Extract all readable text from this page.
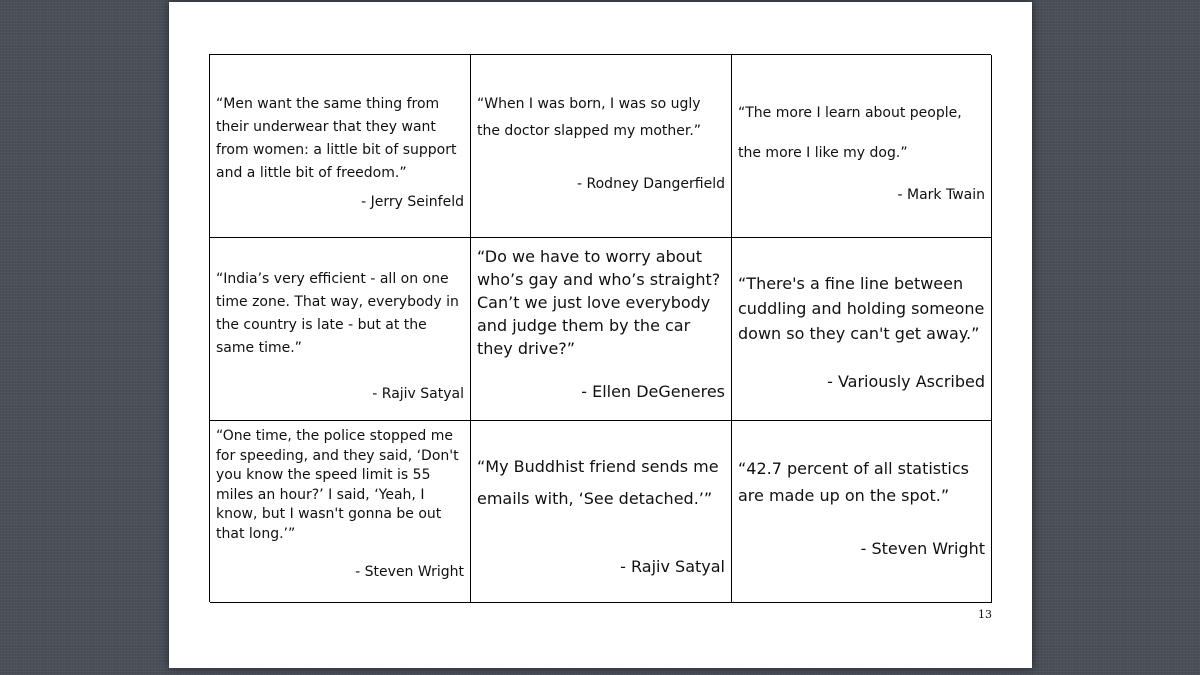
“Men want the same thing from
their underwear that they want
from women: a little bit of support
and a little bit of freedom.”

- Jerry Seinfeld

“When I was born, I was so ugly
the doctor slapped my mother.”

- Rodney Dangerfield

“The more I learn about people,

the more I like my dog.”

- Mark Twain

“India’s very efficient - all on one
time zone. That way, everybody in
the country is late - but at the
same time.”

- Rajiv Satyal

“Do we have to worry about
who’s gay and who’s straight?
Can’t we just love everybody
and judge them by the car
they drive?”

- Ellen DeGeneres

“There's a fine line between
cuddling and holding someone
down so they can't get away.”

- Variously Ascribed

“One time, the police stopped me
for speeding, and they said, ‘Don't
you know the speed limit is 55
miles an hour?’ I said, ‘Yeah, I
know, but I wasn't gonna be out
that long.’”

- Steven Wright

“My Buddhist friend sends me

emails with, ‘See detached.’”

- Rajiv Satyal

“42.7 percent of all statistics
are made up on the spot.”

- Steven Wright

13
